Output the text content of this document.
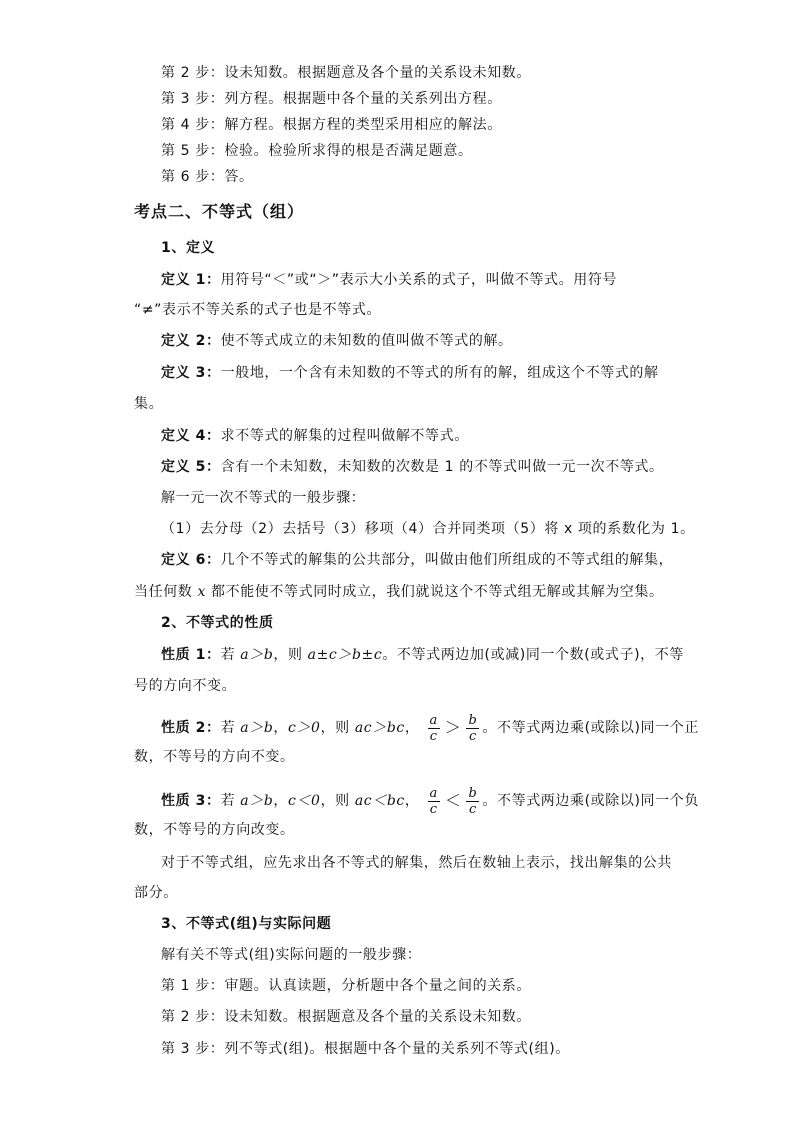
第 2 步：设未知数。根据题意及各个量的关系设未知数。
第 3 步：列方程。根据题中各个量的关系列出方程。
第 4 步：解方程。根据方程的类型采用相应的解法。
第 5 步：检验。检验所求得的根是否满足题意。
第 6 步：答。
考点二、不等式（组）
1、定义
定义 1：用符号“＜”或“＞”表示大小关系的式子，叫做不等式。用符号
“≠”表示不等关系的式子也是不等式。
定义 2：使不等式成立的未知数的值叫做不等式的解。
定义 3：一般地，一个含有未知数的不等式的所有的解，组成这个不等式的解
集。
定义 4：求不等式的解集的过程叫做解不等式。
定义 5：含有一个未知数，未知数的次数是 1 的不等式叫做一元一次不等式。
解一元一次不等式的一般步骤：
（1）去分母（2）去括号（3）移项（4）合并同类项（5）将 x 项的系数化为 1。
定义 6：几个不等式的解集的公共部分，叫做由他们所组成的不等式组的解集，
当任何数 x 都不能使不等式同时成立，我们就说这个不等式组无解或其解为空集。
2、不等式的性质
性质 1：若 a＞b，则 a±c＞b±c。不等式两边加(或减)同一个数(或式子)，不等
号的方向不变。
性质 2：若 a＞b，c＞0，则 ac＞bc， $\frac{a}{c} > \frac{b}{c}$ 。不等式两边乘(或除以)同一个正
数，不等号的方向不变。
性质 3：若 a＞b，c＜0，则 ac＜bc， $\frac{a}{c} < \frac{b}{c}$ 。不等式两边乘(或除以)同一个负
数，不等号的方向改变。
对于不等式组，应先求出各不等式的解集，然后在数轴上表示，找出解集的公共
部分。
3、不等式(组)与实际问题
解有关不等式(组)实际问题的一般步骤：
第 1 步：审题。认真读题，分析题中各个量之间的关系。
第 2 步：设未知数。根据题意及各个量的关系设未知数。
第 3 步：列不等式(组)。根据题中各个量的关系列不等式(组)。
